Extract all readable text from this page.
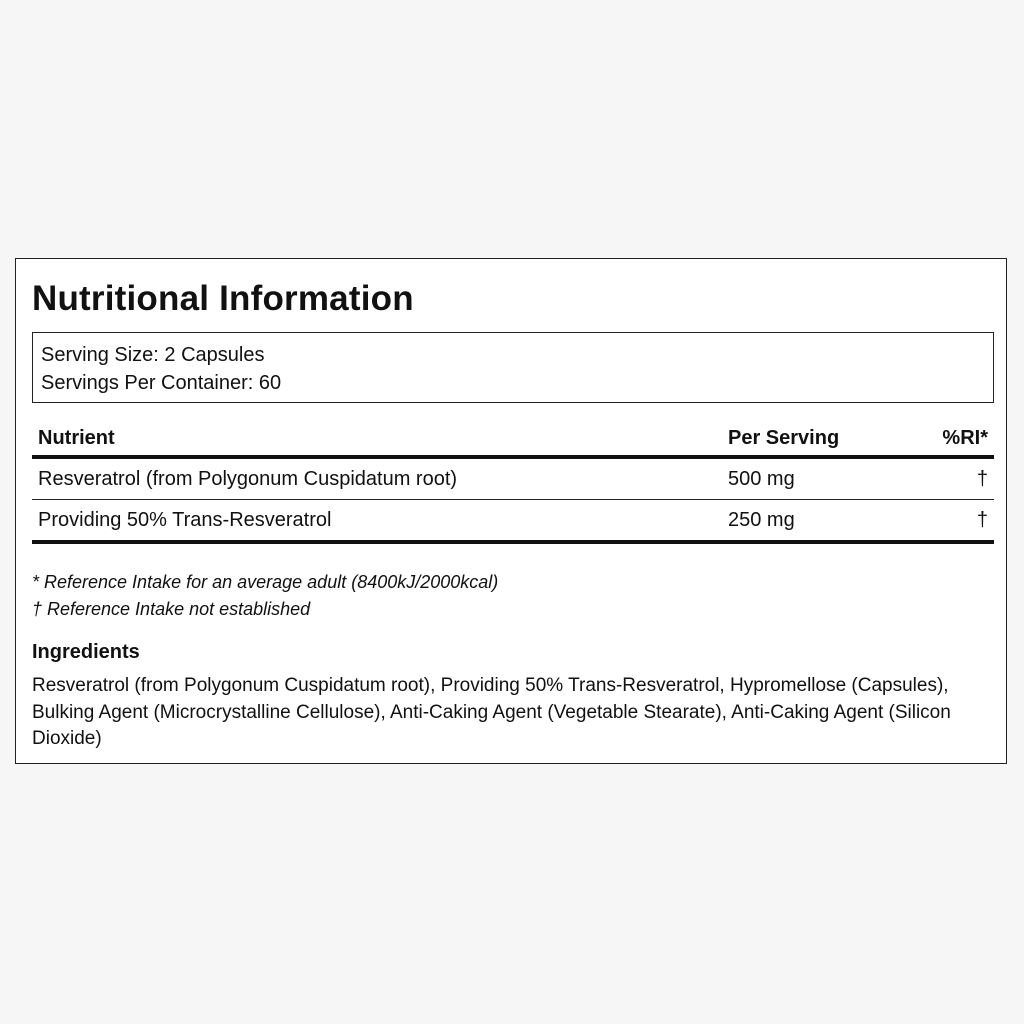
Nutritional Information
Serving Size: 2 Capsules
Servings Per Container: 60
Nutrient	Per Serving	%RI*
Resveratrol (from Polygonum Cuspidatum root)	500 mg	†
Providing 50% Trans-Resveratrol	250 mg	†
* Reference Intake for an average adult (8400kJ/2000kcal)
† Reference Intake not established
Ingredients
Resveratrol (from Polygonum Cuspidatum root), Providing 50% Trans-Resveratrol, Hypromellose (Capsules), Bulking Agent (Microcrystalline Cellulose), Anti-Caking Agent (Vegetable Stearate), Anti-Caking Agent (Silicon Dioxide)
